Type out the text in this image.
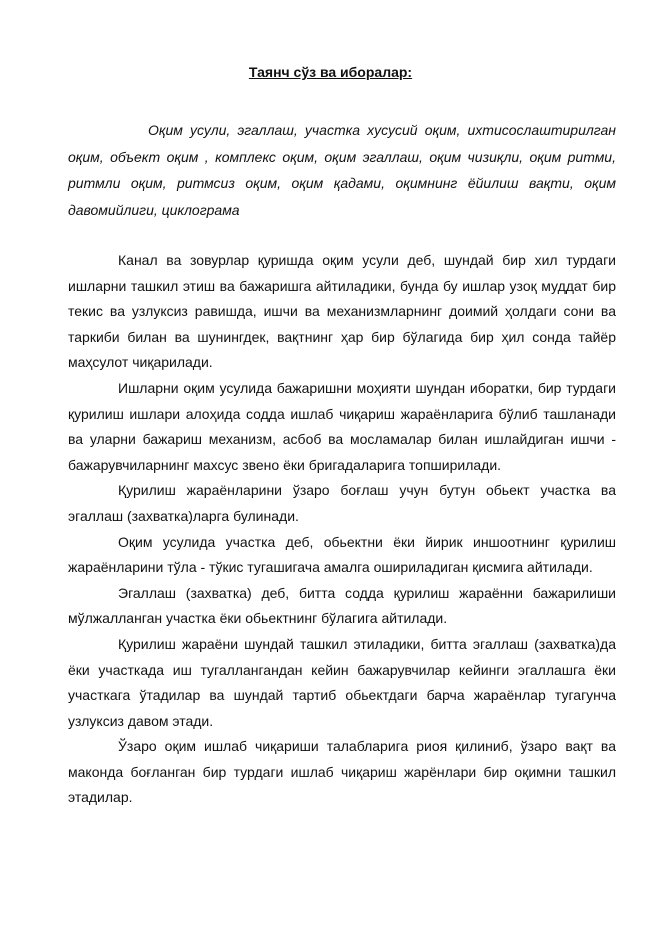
Таянч сўз ва иборалар:
Оқим усули, эгаллаш, участка хусусий оқим, ихтисослаштирилган оқим, объект оқим , комплекс оқим, оқим эгаллаш, оқим чизиқли, оқим ритми, ритмли оқим, ритмсиз оқим, оқим қадами, оқимнинг ёйилиш вақти, оқим давомийлиги, циклограма

Канал ва зовурлар қуришда оқим усули деб, шундай бир хил турдаги ишларни ташкил этиш ва бажаришга айтиладики, бунда бу ишлар узоқ муддат бир текис ва узлуксиз равишда, ишчи ва механизмларнинг доимий ҳолдаги сони ва таркиби билан ва шунингдек, вақтнинг ҳар бир бўлагида бир ҳил сонда тайёр маҳсулот чиқарилади.

Ишларни оқим усулида бажаришни моҳияти шундан иборатки, бир турдаги қурилиш ишлари алоҳида содда ишлаб чиқариш жараёнларига бўлиб ташланади ва уларни бажариш механизм, асбоб ва мосламалар билан ишлайдиган ишчи - бажарувчиларнинг махсус звено ёки бригадаларига топширилади.

Қурилиш жараёнларини ўзаро боғлаш учун бутун обьект участка ва эгаллаш (захватка)ларга булинади.

Оқим усулида участка деб, обьектни ёки йирик иншоотнинг қурилиш жараёнларини тўла - тўкис тугашигача амалга ошириладиган қисмига айтилади.

Эгаллаш (захватка) деб, битта содда қурилиш жараённи бажарилиши мўлжалланган участка ёки обьектнинг бўлагига айтилади.

Қурилиш жараёни шундай ташкил этиладики, битта эгаллаш (захватка)да ёки участкада иш тугаллангандан кейин бажарувчилар кейинги эгаллашга ёки участкага ўтадилар ва шундай тартиб обьектдаги барча жараёнлар тугагунча узлуксиз давом этади.

Ўзаро оқим ишлаб чиқариши талабларига риоя қилиниб, ўзаро вақт ва маконда боғланган бир турдаги ишлаб чиқариш жарёнлари бир оқимни ташкил этадилар.
